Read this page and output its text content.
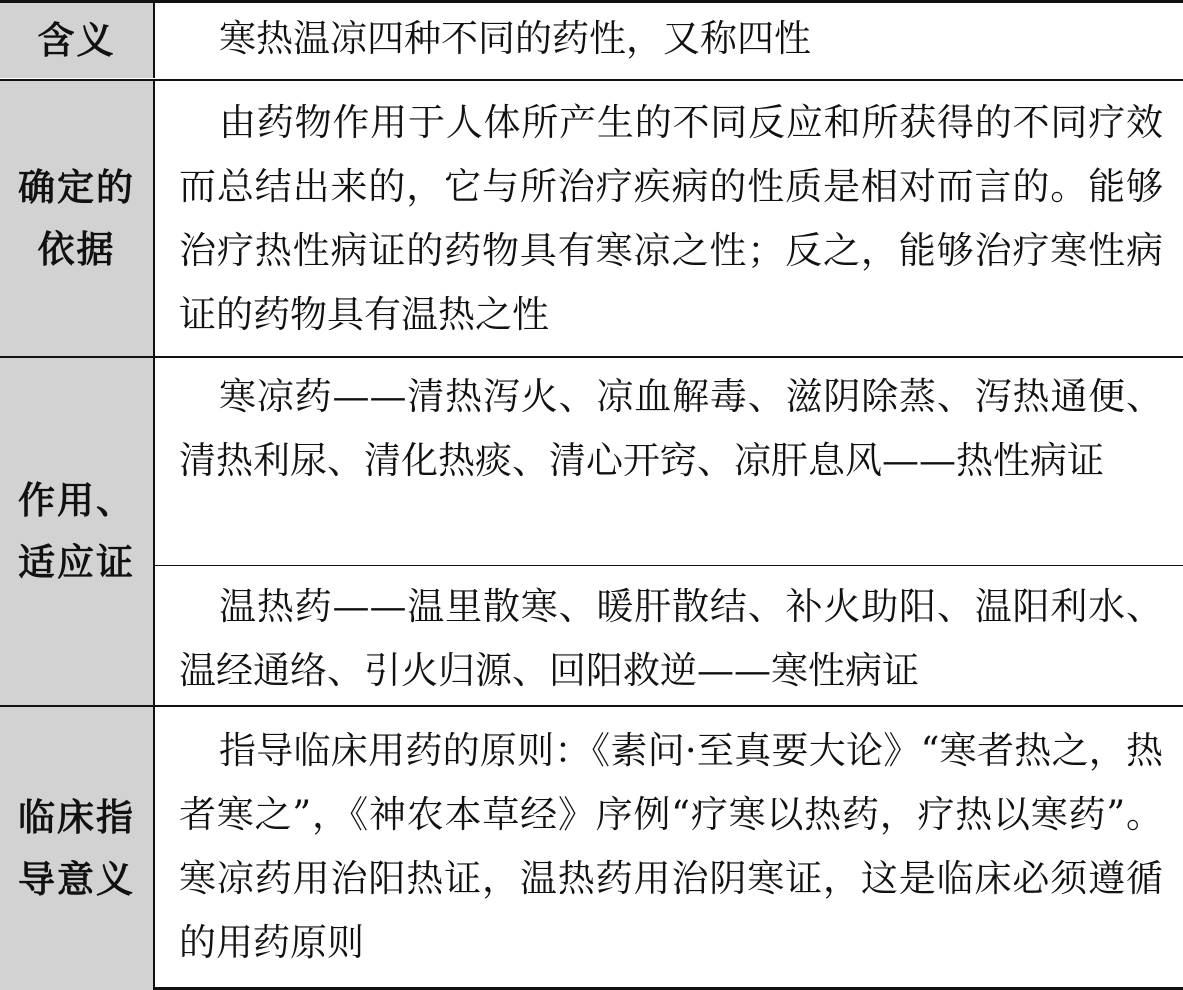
含义	寒热温凉四种不同的药性，又称四性

确定的
依据

由药物作用于人体所产生的不同反应和所获得的不同疗效而总结出来的，它与所治疗疾病的性质是相对而言的。能够治疗热性病证的药物具有寒凉之性；反之，能够治疗寒性病证的药物具有温热之性

作用、
适应证

寒凉药——清热泻火、凉血解毒、滋阴除蒸、泻热通便、清热利尿、清化热痰、清心开窍、凉肝息风——热性病证

温热药——温里散寒、暖肝散结、补火助阳、温阳利水、温经通络、引火归源、回阳救逆——寒性病证

临床指
导意义

指导临床用药的原则：《素问·至真要大论》“寒者热之，热者寒之”，《神农本草经》序例“疗寒以热药，疗热以寒药”。寒凉药用治阳热证，温热药用治阴寒证，这是临床必须遵循的用药原则
